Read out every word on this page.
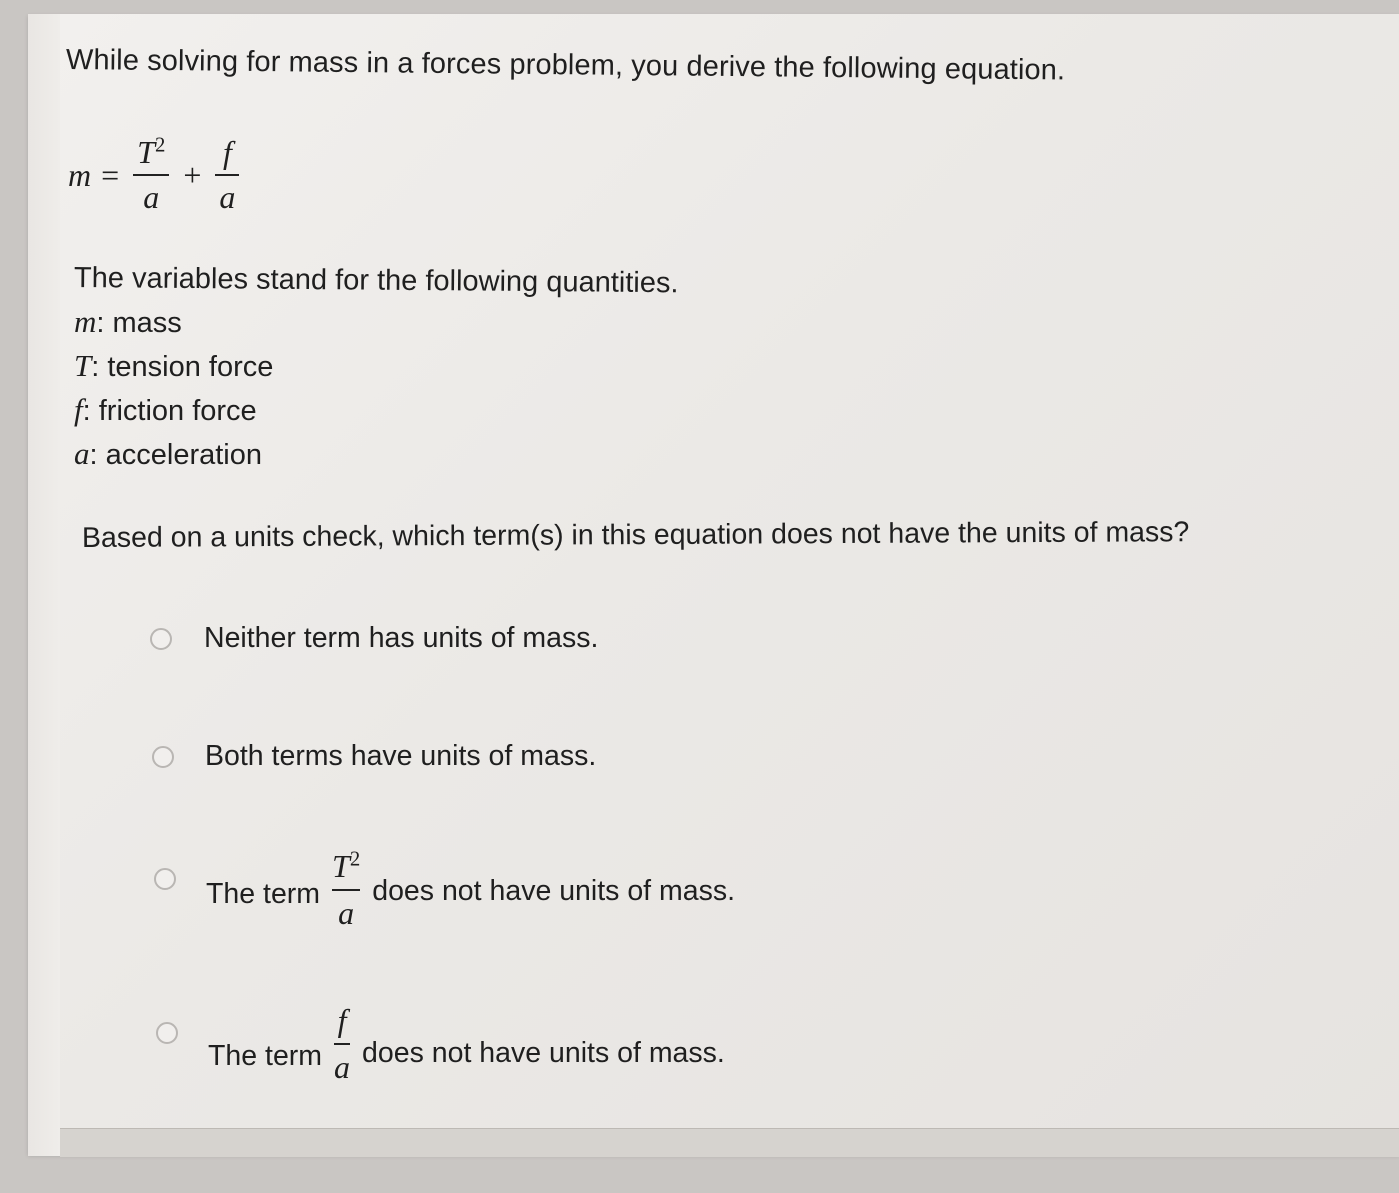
While solving for mass in a forces problem, you derive the following equation.
$m = \frac{T^2}{a} + \frac{f}{a}$
The variables stand for the following quantities.
m: mass
T: tension force
f: friction force
a: acceleration
Based on a units check, which term(s) in this equation does not have the units of mass?
Neither term has units of mass.
Both terms have units of mass.
The term $\frac{T^2}{a}$ does not have units of mass.
The term $\frac{f}{a}$ does not have units of mass.
